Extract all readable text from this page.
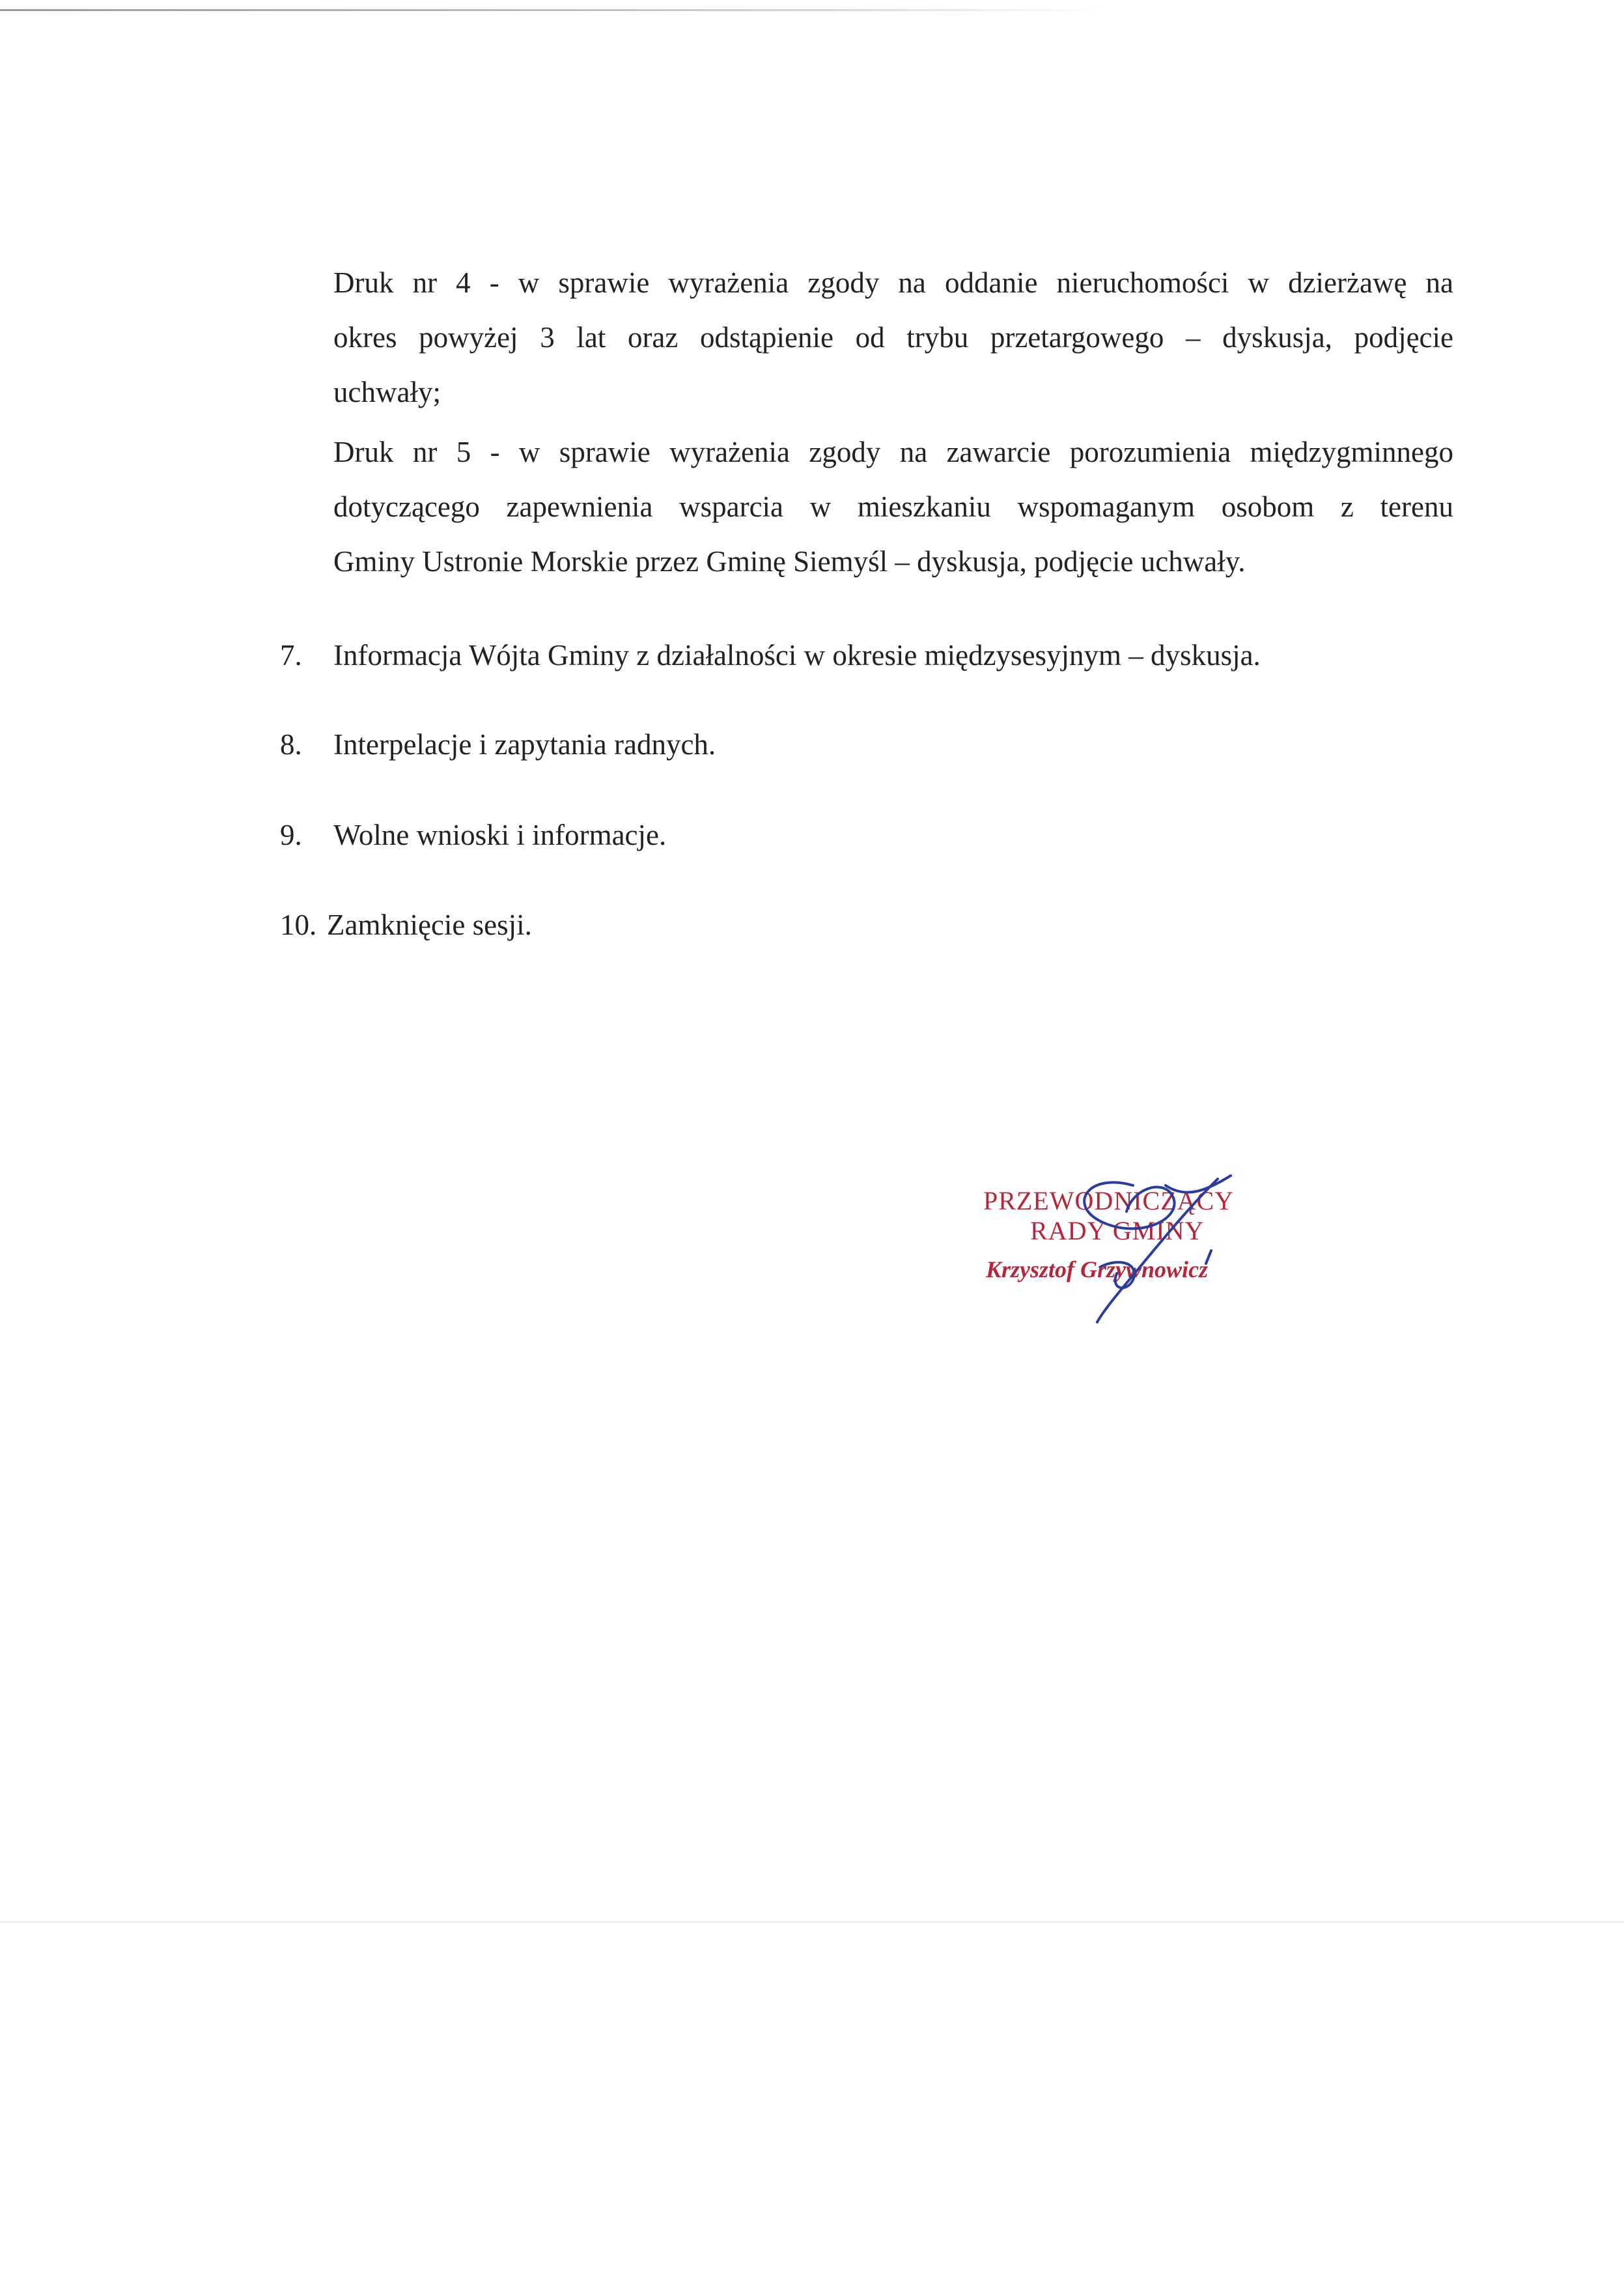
Druk nr 4 - w sprawie wyrażenia zgody na oddanie nieruchomości w dzierżawę na
okres powyżej 3 lat oraz odstąpienie od trybu przetargowego – dyskusja, podjęcie
uchwały;
Druk nr 5 - w sprawie wyrażenia zgody na zawarcie porozumienia międzygminnego
dotyczącego zapewnienia wsparcia w mieszkaniu wspomaganym osobom z terenu
Gminy Ustronie Morskie przez Gminę Siemyśl – dyskusja, podjęcie uchwały.
7. Informacja Wójta Gminy z działalności w okresie międzysesyjnym – dyskusja.
8. Interpelacje i zapytania radnych.
9. Wolne wnioski i informacje.
10. Zamknięcie sesji.
PRZEWODNICZĄCY
RADY GMINY
Krzysztof Grzywnowicz
